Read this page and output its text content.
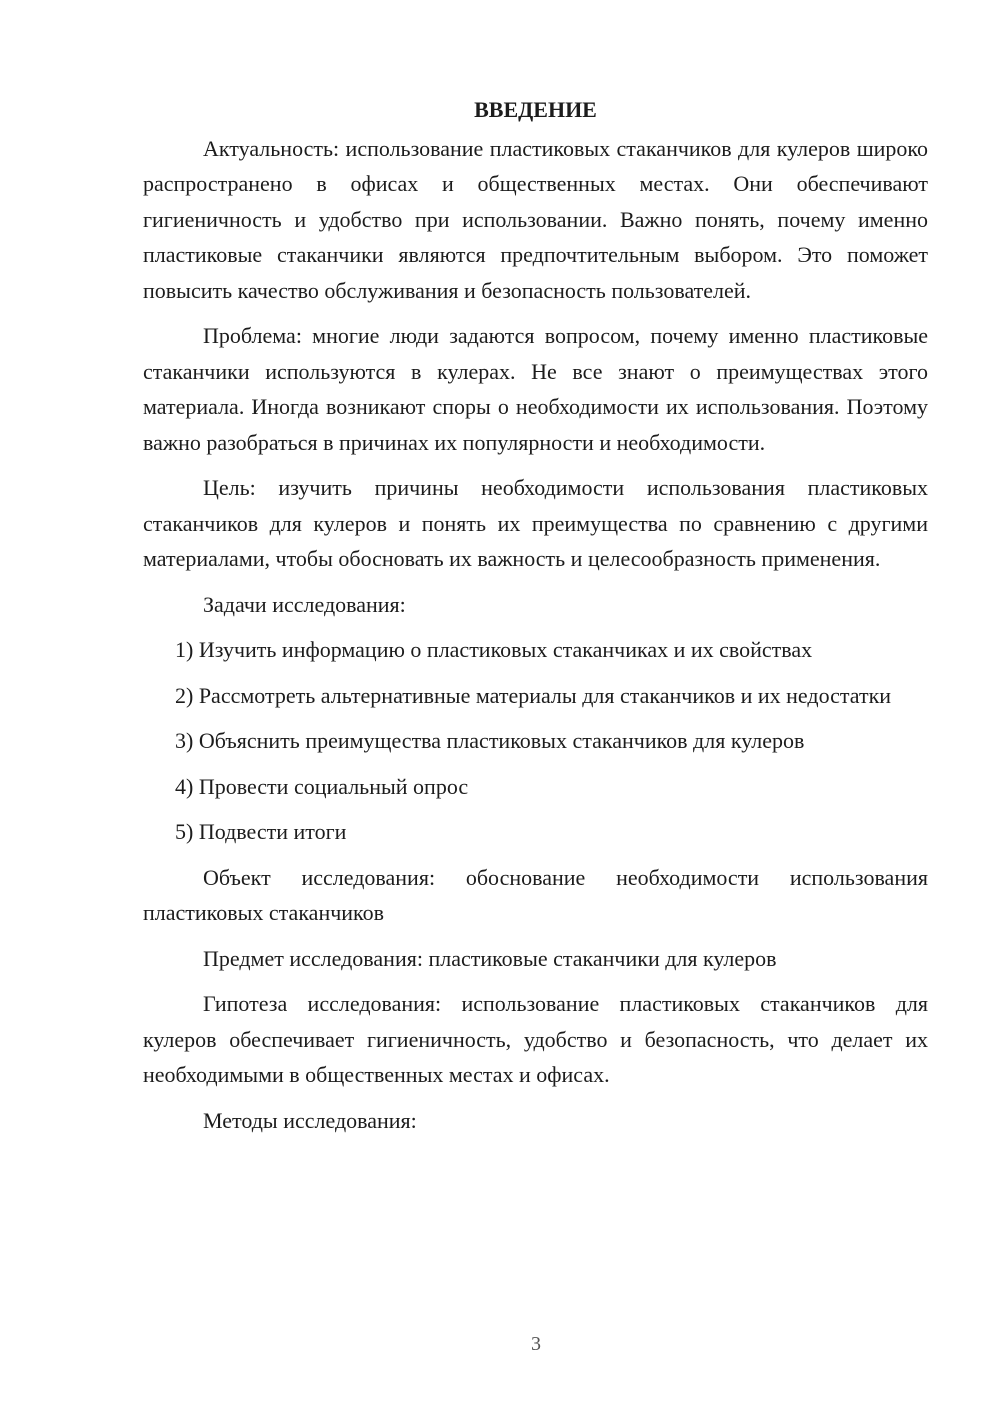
ВВЕДЕНИЕ

Актуальность: использование пластиковых стаканчиков для кулеров широко распространено в офисах и общественных местах. Они обеспечивают гигиеничность и удобство при использовании. Важно понять, почему именно пластиковые стаканчики являются предпочтительным выбором. Это поможет повысить качество обслуживания и безопасность пользователей.

Проблема: многие люди задаются вопросом, почему именно пластиковые стаканчики используются в кулерах. Не все знают о преимуществах этого материала. Иногда возникают споры о необходимости их использования. Поэтому важно разобраться в причинах их популярности и необходимости.

Цель: изучить причины необходимости использования пластиковых стаканчиков для кулеров и понять их преимущества по сравнению с другими материалами, чтобы обосновать их важность и целесообразность применения.

Задачи исследования:

1) Изучить информацию о пластиковых стаканчиках и их свойствах

2) Рассмотреть альтернативные материалы для стаканчиков и их недостатки

3) Объяснить преимущества пластиковых стаканчиков для кулеров

4) Провести социальный опрос

5) Подвести итоги

Объект исследования: обоснование необходимости использования пластиковых стаканчиков

Предмет исследования: пластиковые стаканчики для кулеров

Гипотеза исследования: использование пластиковых стаканчиков для кулеров обеспечивает гигиеничность, удобство и безопасность, что делает их необходимыми в общественных местах и офисах.

Методы исследования:

3
